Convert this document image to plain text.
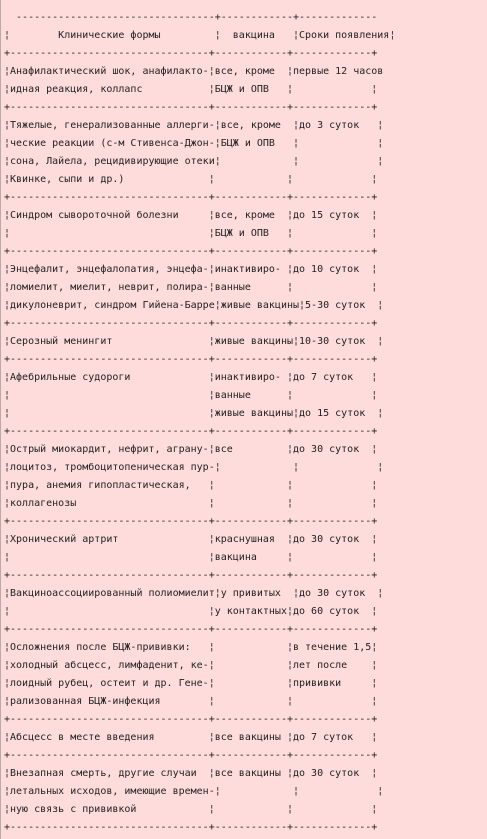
---------------------------------+------------+-------------
¦        Клинические формы         ¦  вакцина   ¦Сроки появления¦
+---------------------------------+------------+-------------+
¦Анафилактический шок, анафилакто-¦все, кроме  ¦первые 12 часов
¦идная реакция, коллапс           ¦БЦЖ и ОПВ   ¦             ¦
+---------------------------------+------------+-------------+
¦Тяжелые, генерализованные аллерги-¦все, кроме  ¦до 3 суток   ¦
¦ческие реакции (с-м Стивенса-Джон-¦БЦЖ и ОПВ   ¦             ¦
¦сона, Лайела, рецидивирующие отеки¦            ¦             ¦
¦Квинке, сыпи и др.)              ¦            ¦             ¦
+---------------------------------+------------+-------------+
¦Синдром сывороточной болезни     ¦все, кроме  ¦до 15 суток  ¦
¦                                 ¦БЦЖ и ОПВ   ¦             ¦
+---------------------------------+------------+-------------+
¦Энцефалит, энцефалопатия, энцефа-¦инактивиро- ¦до 10 суток  ¦
¦ломиелит, миелит, неврит, полира-¦ванные      ¦             ¦
¦дикулоневрит, синдром Гийена-Барре¦живые вакцины¦5-30 суток  ¦
+---------------------------------+------------+-------------+
¦Серозный менингит                ¦живые вакцины¦10-30 суток  ¦
+---------------------------------+------------+-------------+
¦Афебрильные судороги             ¦инактивиро- ¦до 7 суток   ¦
¦                                 ¦ванные      ¦             ¦
¦                                 ¦живые вакцины¦до 15 суток  ¦
+---------------------------------+------------+-------------+
¦Острый миокардит, нефрит, аграну-¦все         ¦до 30 суток  ¦
¦лоцитоз, тромбоцитопеническая пур-¦            ¦             ¦
¦пура, анемия гипопластическая,   ¦            ¦             ¦
¦коллагенозы                      ¦            ¦             ¦
+---------------------------------+------------+-------------+
¦Хронический артрит               ¦краснушная  ¦до 30 суток  ¦
¦                                 ¦вакцина     ¦             ¦
+---------------------------------+------------+-------------+
¦Вакциноассоциированный полиомиелит¦у привитых  ¦до 30 суток  ¦
¦                                 ¦у контактных¦до 60 суток  ¦
+---------------------------------+------------+-------------+
¦Осложнения после БЦЖ-прививки:   ¦            ¦в течение 1,5¦
¦холодный абсцесс, лимфаденит, ке-¦            ¦лет после    ¦
¦лоидный рубец, остеит и др. Гене-¦            ¦прививки     ¦
¦рализованная БЦЖ-инфекция        ¦            ¦             ¦
+---------------------------------+------------+-------------+
¦Абсцесс в месте введения         ¦все вакцины ¦до 7 суток   ¦
+---------------------------------+------------+-------------+
¦Внезапная смерть, другие случаи  ¦все вакцины ¦до 30 суток  ¦
¦летальных исходов, имеющие времен-¦            ¦             ¦
¦ную связь с прививкой            ¦            ¦             ¦
+---------------------------------+------------+-------------+
